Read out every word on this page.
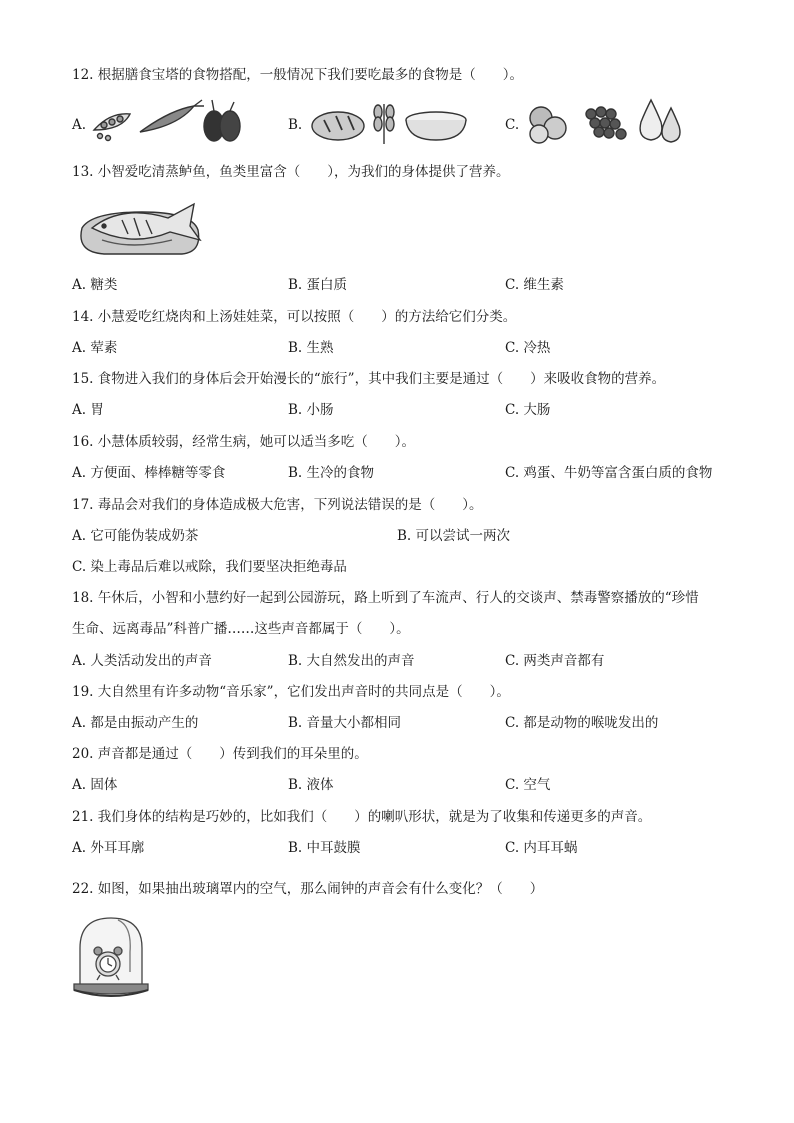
12. 根据膳食宝塔的食物搭配，一般情况下我们要吃最多的食物是（　　）。
A.	B.	C.
13. 小智爱吃清蒸鲈鱼，鱼类里富含（　　），为我们的身体提供了营养。
A. 糖类	B. 蛋白质	C. 维生素
14. 小慧爱吃红烧肉和上汤娃娃菜，可以按照（　　）的方法给它们分类。
A. 荤素	B. 生熟	C. 冷热
15. 食物进入我们的身体后会开始漫长的“旅行”，其中我们主要是通过（　　）来吸收食物的营养。
A. 胃	B. 小肠	C. 大肠
16. 小慧体质较弱，经常生病，她可以适当多吃（　　）。
A. 方便面、棒棒糖等零食	B. 生冷的食物	C. 鸡蛋、牛奶等富含蛋白质的食物
17. 毒品会对我们的身体造成极大危害，下列说法错误的是（　　）。
A. 它可能伪装成奶茶	B. 可以尝试一两次
C. 染上毒品后难以戒除，我们要坚决拒绝毒品
18. 午休后，小智和小慧约好一起到公园游玩，路上听到了车流声、行人的交谈声、禁毒警察播放的“珍惜
生命、远离毒品”科普广播……这些声音都属于（　　）。
A. 人类活动发出的声音	B. 大自然发出的声音	C. 两类声音都有
19. 大自然里有许多动物“音乐家”，它们发出声音时的共同点是（　　）。
A. 都是由振动产生的	B. 音量大小都相同	C. 都是动物的喉咙发出的
20. 声音都是通过（　　）传到我们的耳朵里的。
A. 固体	B. 液体	C. 空气
21. 我们身体的结构是巧妙的，比如我们（　　）的喇叭形状，就是为了收集和传递更多的声音。
A. 外耳耳廓	B. 中耳鼓膜	C. 内耳耳蜗
22. 如图，如果抽出玻璃罩内的空气，那么闹钟的声音会有什么变化？（　　）
